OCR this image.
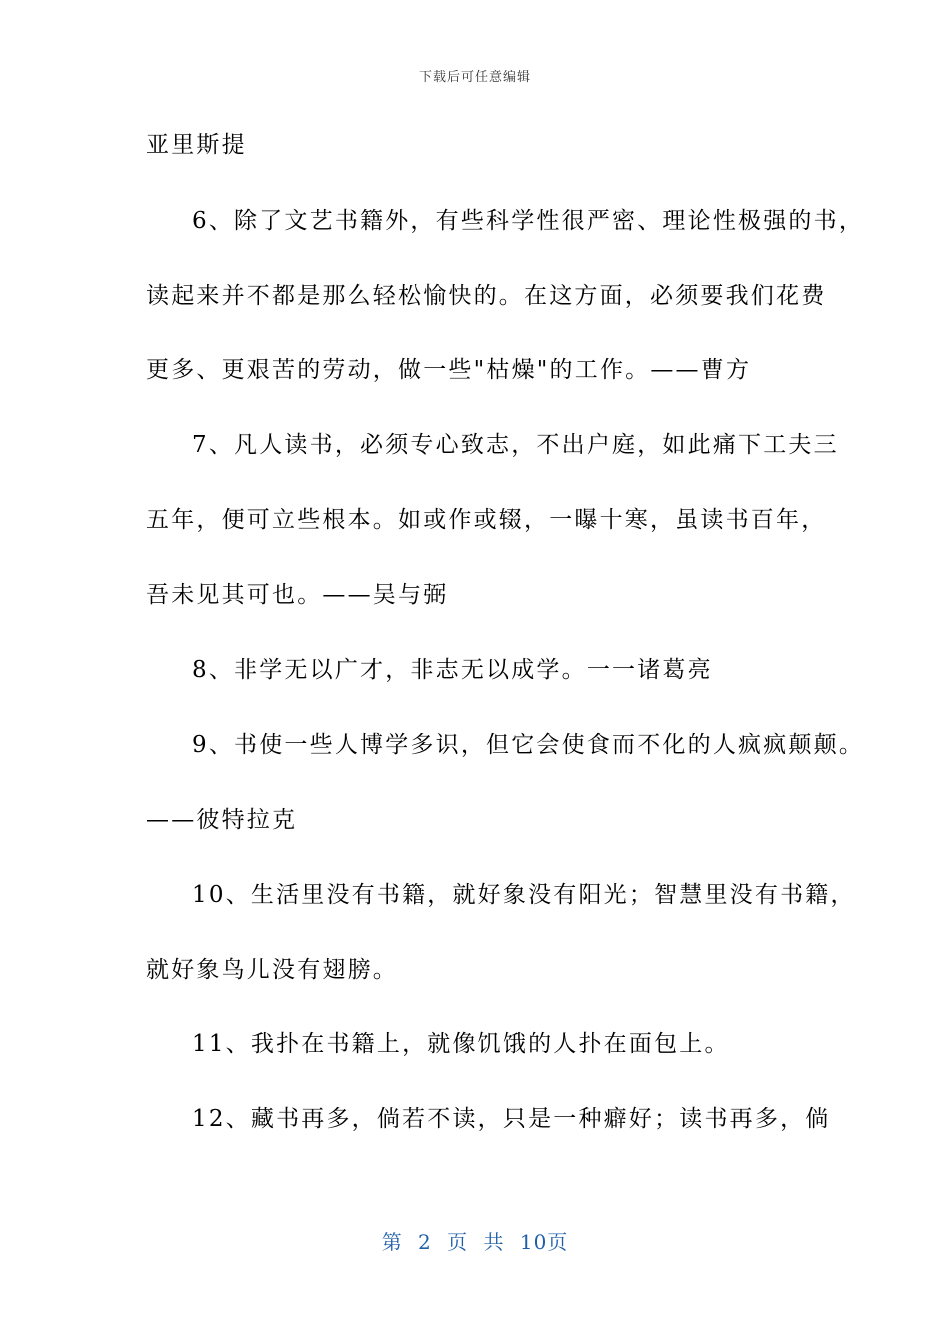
下载后可任意编辑
亚里斯提
6、除了文艺书籍外，有些科学性很严密、理论性极强的书，
读起来并不都是那么轻松愉快的。在这方面，必须要我们花费
更多、更艰苦的劳动，做一些"枯燥"的工作。——曹方
7、凡人读书，必须专心致志，不出户庭，如此痛下工夫三
五年，便可立些根本。如或作或辍，一曝十寒，虽读书百年，
吾未见其可也。——吴与弼
8、非学无以广才，非志无以成学。一一诸葛亮
9、书使一些人博学多识，但它会使食而不化的人疯疯颠颠。
——彼特拉克
10、生活里没有书籍，就好象没有阳光；智慧里没有书籍，
就好象鸟儿没有翅膀。
11、我扑在书籍上，就像饥饿的人扑在面包上。
12、藏书再多，倘若不读，只是一种癖好；读书再多，倘
第 2 页 共 10页
